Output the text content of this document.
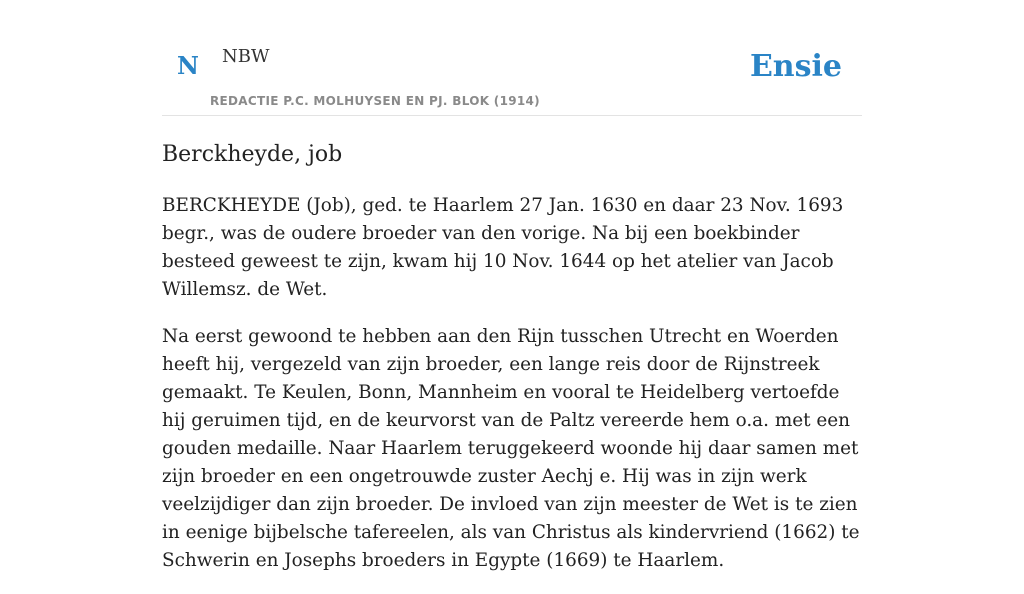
N NBW
REDACTIE P.C. MOLHUYSEN EN PJ. BLOK (1914)
Ensie
Berckheyde, job

BERCKHEYDE (Job), ged. te Haarlem 27 Jan. 1630 en daar 23 Nov. 1693 begr., was de oudere broeder van den vorige. Na bij een boekbinder besteed geweest te zijn, kwam hij 10 Nov. 1644 op het atelier van Jacob Willemsz. de Wet.

Na eerst gewoond te hebben aan den Rijn tusschen Utrecht en Woerden heeft hij, vergezeld van zijn broeder, een lange reis door de Rijnstreek gemaakt. Te Keulen, Bonn, Mannheim en vooral te Heidelberg vertoefde hij geruimen tijd, en de keurvorst van de Paltz vereerde hem o.a. met een gouden medaille. Naar Haarlem teruggekeerd woonde hij daar samen met zijn broeder en een ongetrouwde zuster Aechj e. Hij was in zijn werk veelzijdiger dan zijn broeder. De invloed van zijn meester de Wet is te zien in eenige bijbelsche tafereelen, als van Christus als kindervriend (1662) te Schwerin en Josephs broeders in Egypte (1669) te Haarlem.
